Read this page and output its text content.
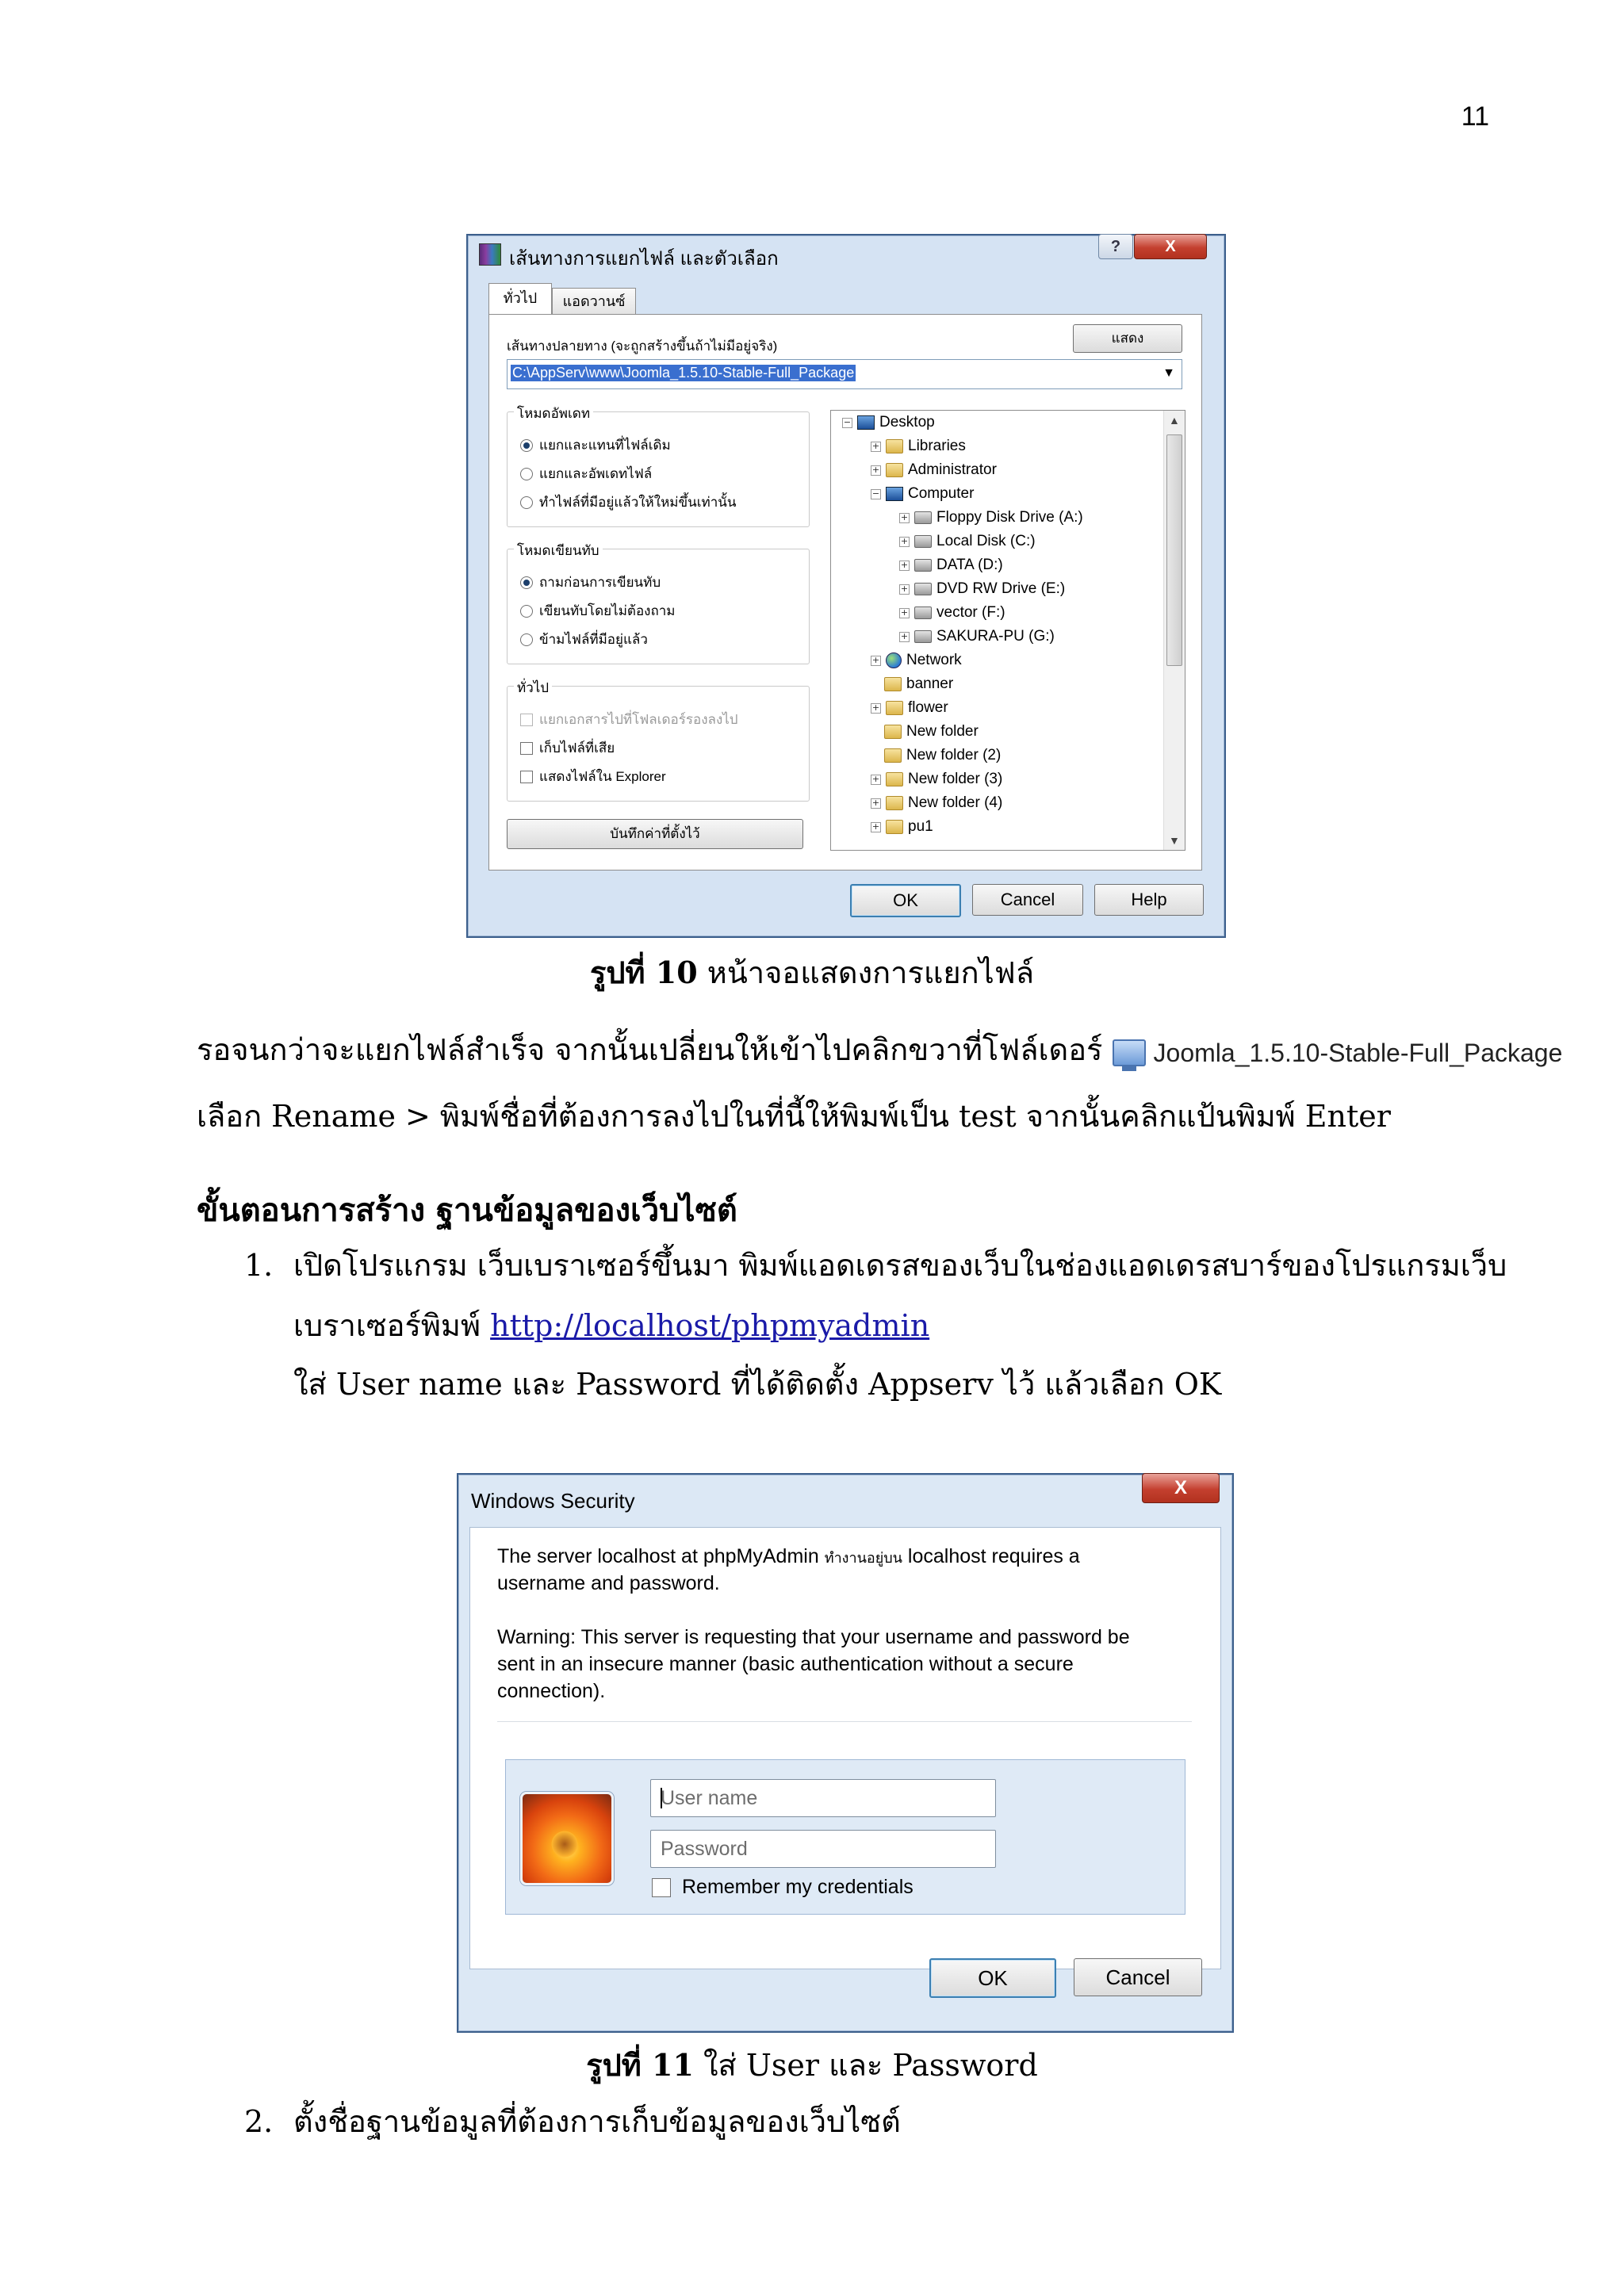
11
เส้นทางการแยกไฟล์ และตัวเลือก
?	X
ทั่วไป	แอดวานซ์
เส้นทางปลายทาง (จะถูกสร้างขึ้นถ้าไม่มีอยู่จริง)
แสดง
C:\AppServ\www\Joomla_1.5.10-Stable-Full_Package	▼
โหมดอัพเดท
แยกและแทนที่ไฟล์เดิม
แยกและอัพเดทไฟล์
ทำไฟล์ที่มีอยู่แล้วให้ใหม่ขึ้นเท่านั้น
โหมดเขียนทับ
ถามก่อนการเขียนทับ
เขียนทับโดยไม่ต้องถาม
ข้ามไฟล์ที่มีอยู่แล้ว
ทั่วไป
แยกเอกสารไปที่โฟลเดอร์รองลงไป
เก็บไฟล์ที่เสีย
แสดงไฟล์ใน Explorer
บันทึกค่าที่ตั้งไว้
− Desktop
+ Libraries
+ Administrator
− Computer
+ Floppy Disk Drive (A:)
+ Local Disk (C:)
+ DATA (D:)
+ DVD RW Drive (E:)
+ vector (F:)
+ SAKURA-PU (G:)
+ Network
banner
+ flower
New folder
New folder (2)
+ New folder (3)
+ New folder (4)
+ pu1
▲
▼
OK	Cancel	Help
รูปที่ 10 หน้าจอแสดงการแยกไฟล์
รอจนกว่าจะแยกไฟล์สำเร็จ จากนั้นเปลี่ยนให้เข้าไปคลิกขวาที่โฟล์เดอร์ Joomla_1.5.10-Stable-Full_Package
เลือก Rename > พิมพ์ชื่อที่ต้องการลงไปในที่นี้ให้พิมพ์เป็น test จากนั้นคลิกแป้นพิมพ์ Enter
ขั้นตอนการสร้าง ฐานข้อมูลของเว็บไซต์
1. เปิดโปรแกรม เว็บเบราเซอร์ขึ้นมา พิมพ์แอดเดรสของเว็บในช่องแอดเดรสบาร์ของโปรแกรมเว็บ
เบราเซอร์พิมพ์ http://localhost/phpmyadmin
ใส่ User name และ Password ที่ได้ติดตั้ง Appserv ไว้ แล้วเลือก OK
Windows Security
X
The server localhost at phpMyAdmin ทำงานอยู่บน localhost requires a
username and password.
Warning: This server is requesting that your username and password be
sent in an insecure manner (basic authentication without a secure
connection).
User name
Password
Remember my credentials
OK	Cancel
รูปที่ 11 ใส่ User และ Password
2. ตั้งชื่อฐานข้อมูลที่ต้องการเก็บข้อมูลของเว็บไซต์
